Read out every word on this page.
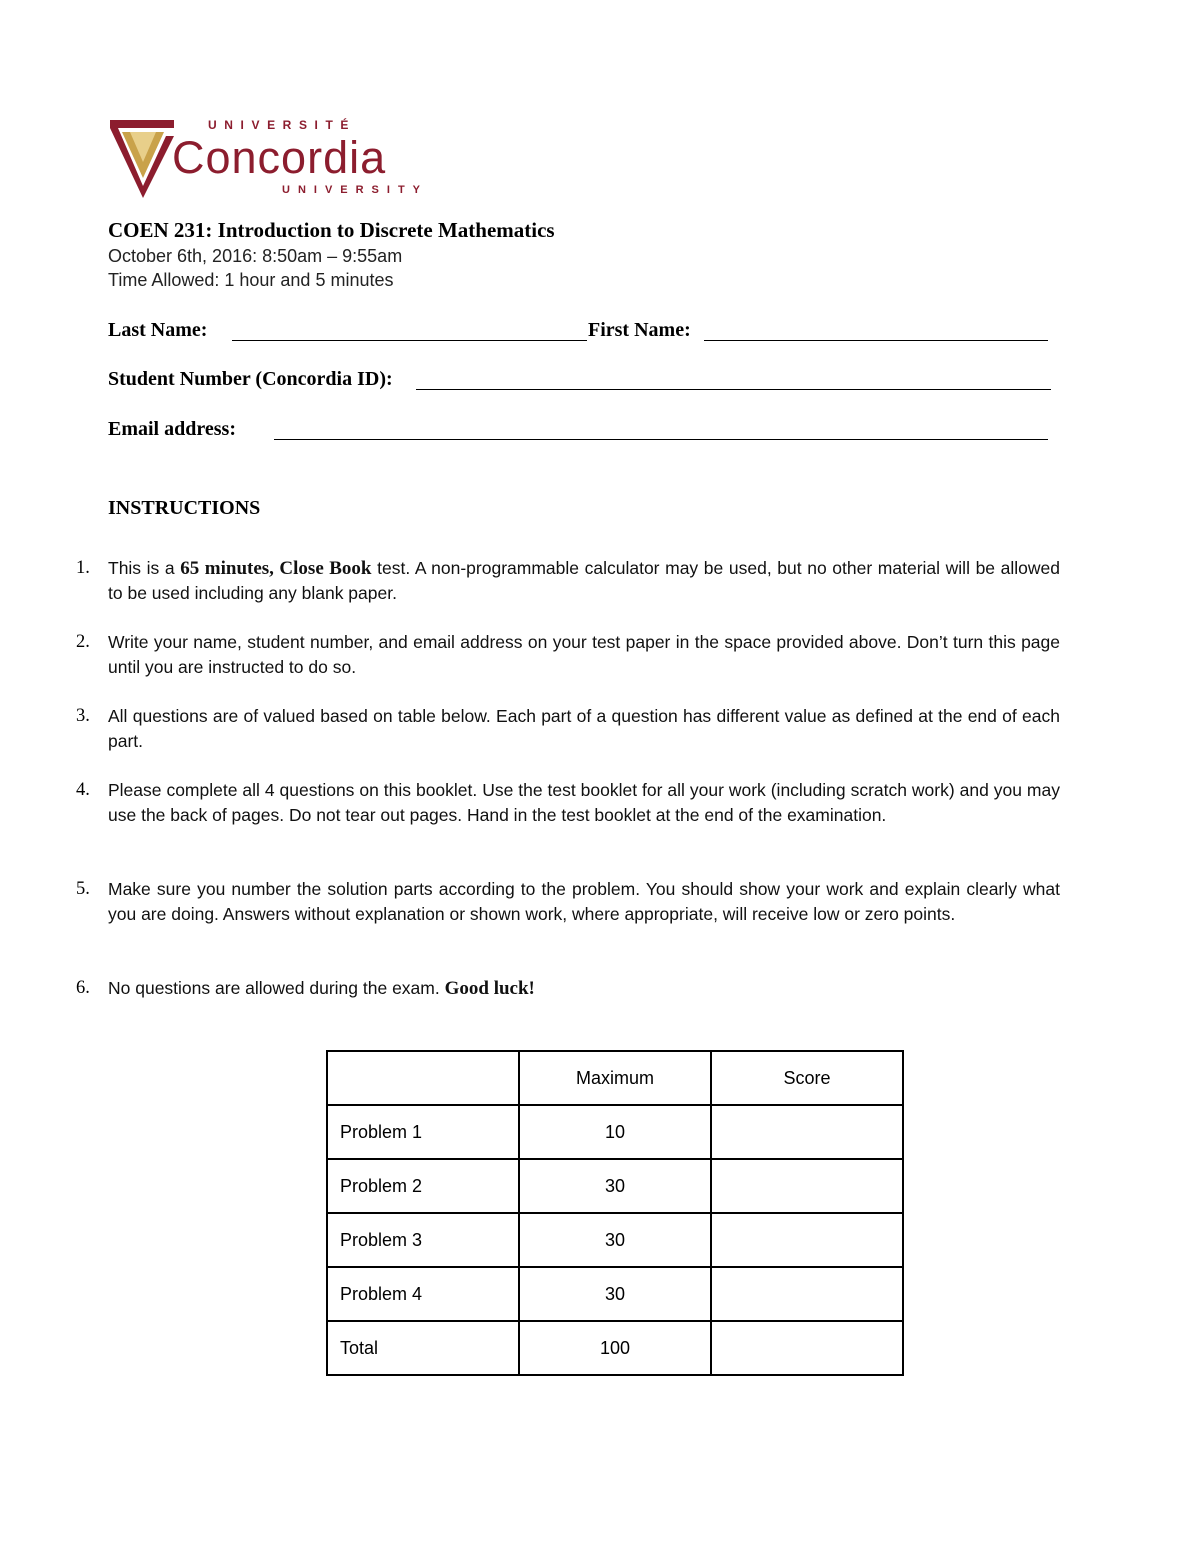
UNIVERSITÉ
Concordia
UNIVERSITY
COEN 231: Introduction to Discrete Mathematics
October 6th, 2016: 8:50am – 9:55am
Time Allowed: 1 hour and 5 minutes
Last Name:	First Name:
Student Number (Concordia ID):
Email address:
INSTRUCTIONS
1. This is a 65 minutes, Close Book test. A non-programmable calculator may be used, but no other material will be allowed to be used including any blank paper.
2. Write your name, student number, and email address on your test paper in the space provided above. Don’t turn this page until you are instructed to do so.
3. All questions are of valued based on table below. Each part of a question has different value as defined at the end of each part.
4. Please complete all 4 questions on this booklet. Use the test booklet for all your work (including scratch work) and you may use the back of pages. Do not tear out pages. Hand in the test booklet at the end of the examination.
5. Make sure you number the solution parts according to the problem. You should show your work and explain clearly what you are doing. Answers without explanation or shown work, where appropriate, will receive low or zero points.
6. No questions are allowed during the exam. Good luck!
	Maximum	Score
Problem 1	10	
Problem 2	30	
Problem 3	30	
Problem 4	30	
Total	100	
